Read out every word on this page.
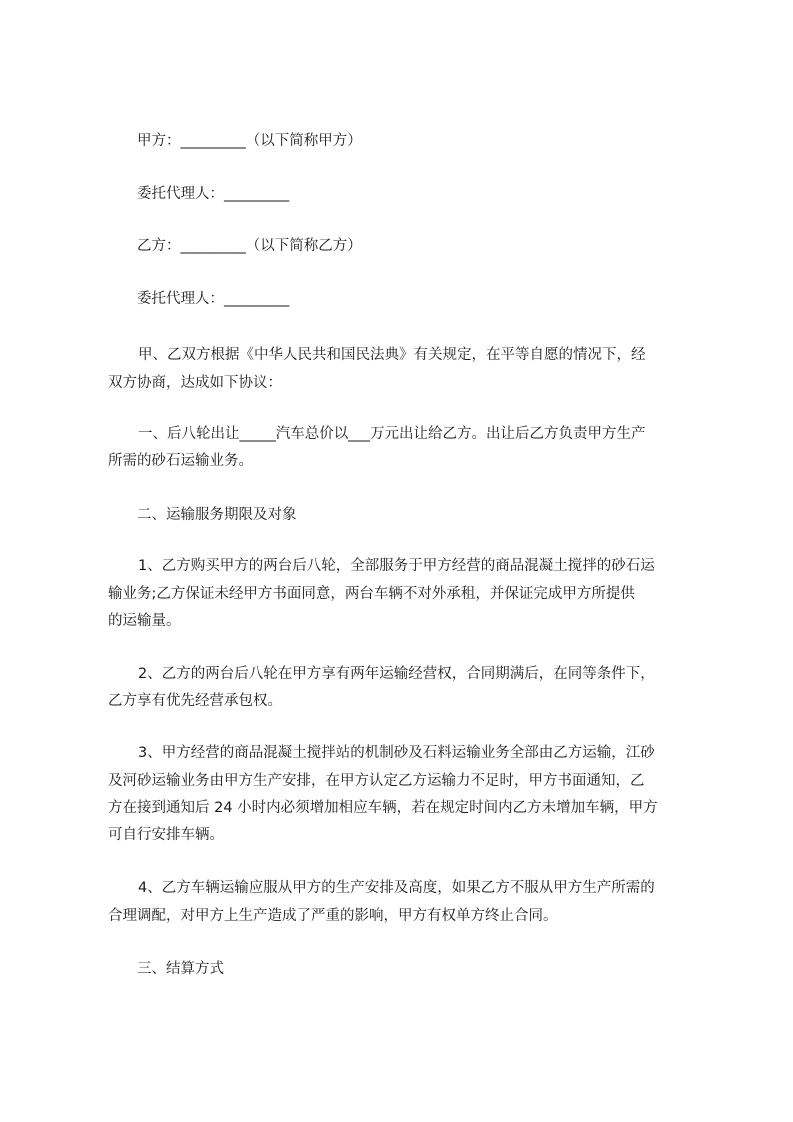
甲方：_________（以下简称甲方）
委托代理人：_________
乙方：_________（以下简称乙方）
委托代理人：_________
甲、乙双方根据《中华人民共和国民法典》有关规定，在平等自愿的情况下，经
双方协商，达成如下协议：
一、后八轮出让_____汽车总价以___万元出让给乙方。出让后乙方负责甲方生产
所需的砂石运输业务。
二、运输服务期限及对象
1、乙方购买甲方的两台后八轮，全部服务于甲方经营的商品混凝土搅拌的砂石运
输业务;乙方保证未经甲方书面同意，两台车辆不对外承租，并保证完成甲方所提供
的运输量。
2、乙方的两台后八轮在甲方享有两年运输经营权，合同期满后，在同等条件下，
乙方享有优先经营承包权。
3、甲方经营的商品混凝土搅拌站的机制砂及石料运输业务全部由乙方运输，江砂
及河砂运输业务由甲方生产安排，在甲方认定乙方运输力不足时，甲方书面通知，乙
方在接到通知后 24 小时内必须增加相应车辆，若在规定时间内乙方未增加车辆，甲方
可自行安排车辆。
4、乙方车辆运输应服从甲方的生产安排及高度，如果乙方不服从甲方生产所需的
合理调配，对甲方上生产造成了严重的影响，甲方有权单方终止合同。
三、结算方式
